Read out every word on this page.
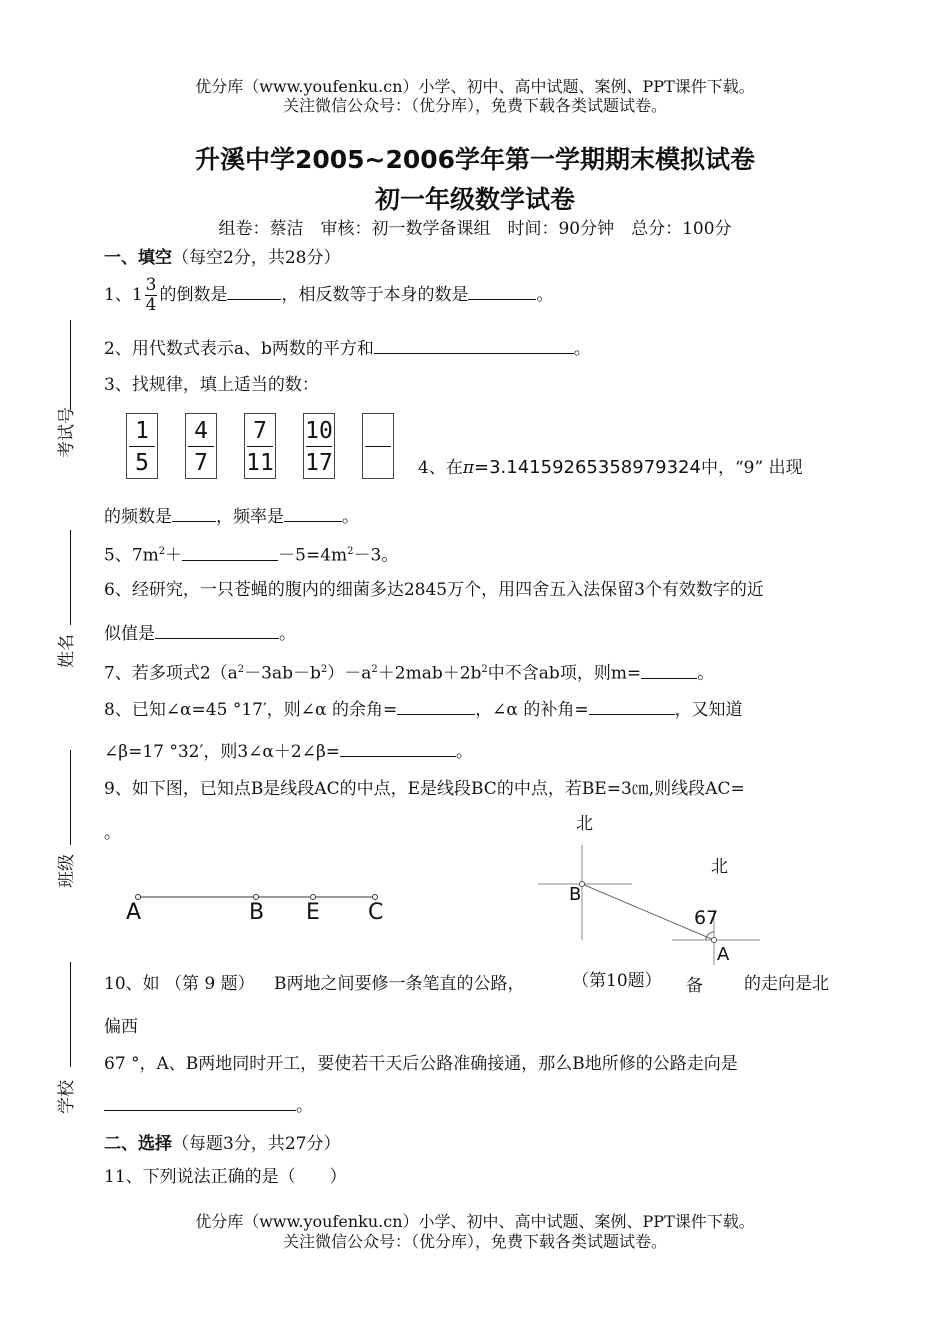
优分库（www.youfenku.cn）小学、初中、高中试题、案例、PPT课件下载。
关注微信公众号：（优分库），免费下载各类试题试卷。
升溪中学2005~2006学年第一学期期末模拟试卷
初一年级数学试卷
组卷：蔡洁　审核：初一数学备课组　时间：90分钟　总分：100分
考试号
姓名
班级
学校
一、填空（每空2分，共28分）
1、$1 \frac{3}{4}$ 的倒数是	，相反数等于本身的数是	。
2、用代数式表示a、b两数的平方和	。
3、找规律，填上适当的数：
1
5
4
7
7
11
10
17	4、在π=3.14159265358979324中，“9” 出现
的频数是	，频率是	。
5、$7m^2+$	$-5=4m^2-3$。
6、经研究，一只苍蝇的腹内的细菌多达2845万个，用四舍五入法保留3个有效数字的近
似值是	。
7、若多项式$2(a^2-3ab-b^2)-a^2+2mab+2b^2$中不含ab项，则m=	。
8、已知∠α=45 °17′，则∠α 的余角=	，∠α 的补角=	，又知道
∠β=17 °32′，则3∠α＋2∠β=	。
9、如下图，已知点B是线段AC的中点，E是线段BC的中点，若BE=3㎝,则线段AC=
。
A	B E C
北
北
B
67
A
10、如 （第 9 题） B两地之间要修一条笔直的公路，	（第10题） 备 的走向是北
偏西
67 °，A、B两地同时开工，要使若干天后公路准确接通，那么B地所修的公路走向是
。
二、选择（每题3分，共27分）
11、下列说法正确的是（　　）
优分库（www.youfenku.cn）小学、初中、高中试题、案例、PPT课件下载。
关注微信公众号：（优分库），免费下载各类试题试卷。
